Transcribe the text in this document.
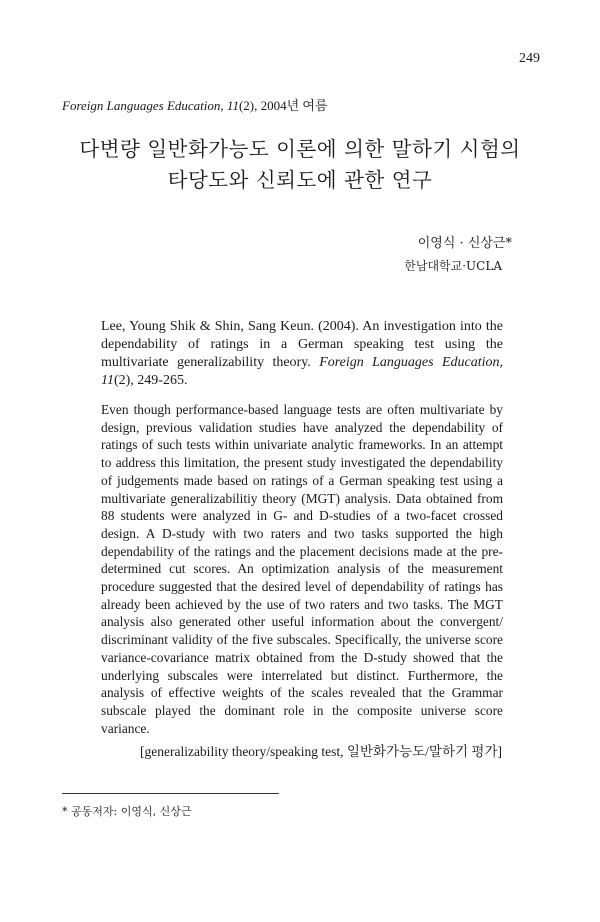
249
Foreign Languages Education, 11(2), 2004년 여름
다변량 일반화가능도 이론에 의한 말하기 시험의
타당도와 신뢰도에 관한 연구
이영식 · 신상근*
한남대학교·UCLA
Lee, Young Shik & Shin, Sang Keun. (2004). An investigation into the dependability of ratings in a German speaking test using the multivariate generalizability theory. Foreign Languages Education, 11(2), 249-265.
Even though performance-based language tests are often multivariate by design, previous validation studies have analyzed the dependability of ratings of such tests within univariate analytic frameworks. In an attempt to address this limitation, the present study investigated the dependability of judgements made based on ratings of a German speaking test using a multivariate generalizabilitiy theory (MGT) analysis. Data obtained from 88 students were analyzed in G- and D-studies of a two-facet crossed design. A D-study with two raters and two tasks supported the high dependability of the ratings and the placement decisions made at the pre-determined cut scores. An optimization analysis of the measurement procedure suggested that the desired level of dependability of ratings has already been achieved by the use of two raters and two tasks. The MGT analysis also generated other useful information about the convergent/ discriminant validity of the five subscales. Specifically, the universe score variance-covariance matrix obtained from the D-study showed that the underlying subscales were interrelated but distinct. Furthermore, the analysis of effective weights of the scales revealed that the Grammar subscale played the dominant role in the composite universe score variance.
[generalizability theory/speaking test, 일반화가능도/말하기 평가]
* 공동저자: 이영식, 신상근
